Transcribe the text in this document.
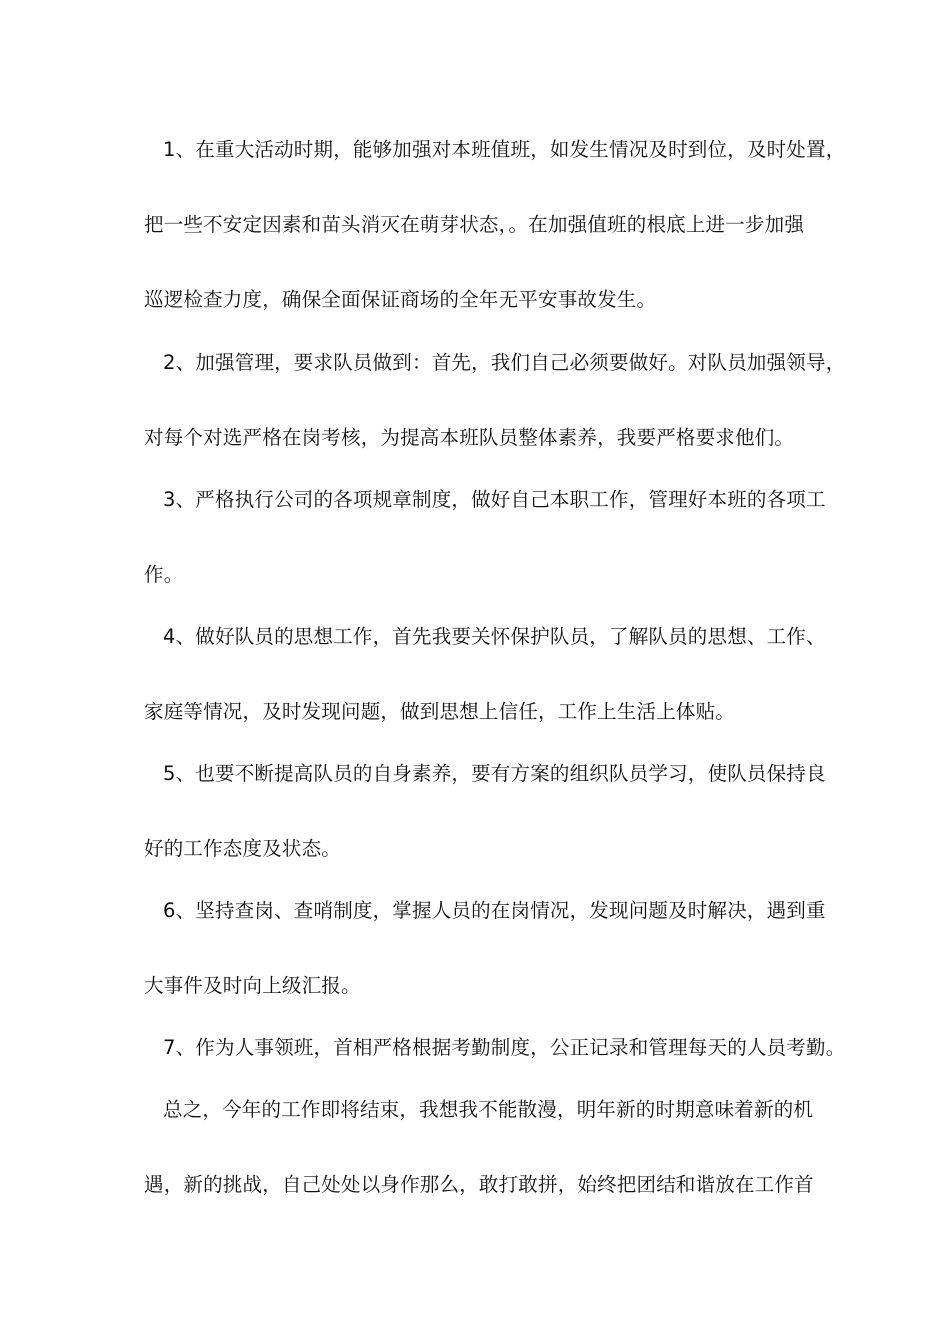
1、在重大活动时期，能够加强对本班值班，如发生情况及时到位，及时处置，
把一些不安定因素和苗头消灭在萌芽状态，。在加强值班的根底上进一步加强
巡逻检查力度，确保全面保证商场的全年无平安事故发生。
2、加强管理，要求队员做到：首先，我们自己必须要做好。对队员加强领导，
对每个对选严格在岗考核，为提高本班队员整体素养，我要严格要求他们。
3、严格执行公司的各项规章制度，做好自己本职工作，管理好本班的各项工
作。
4、做好队员的思想工作，首先我要关怀保护队员，了解队员的思想、工作、
家庭等情况，及时发现问题，做到思想上信任，工作上生活上体贴。
5、也要不断提高队员的自身素养，要有方案的组织队员学习，使队员保持良
好的工作态度及状态。
6、坚持查岗、查哨制度，掌握人员的在岗情况，发现问题及时解决，遇到重
大事件及时向上级汇报。
7、作为人事领班，首相严格根据考勤制度，公正记录和管理每天的人员考勤。
总之，今年的工作即将结束，我想我不能散漫，明年新的时期意味着新的机
遇，新的挑战，自己处处以身作那么，敢打敢拼，始终把团结和谐放在工作首
